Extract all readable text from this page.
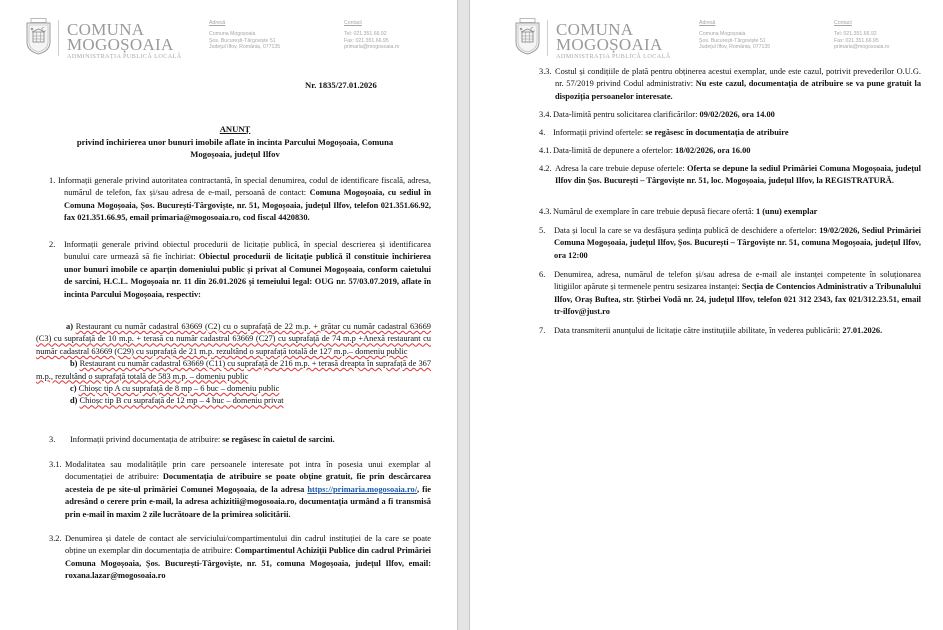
COMUNA
MOGOȘOAIA
ADMINISTRAȚIA PUBLICĂ LOCALĂ
Adresă
Comuna Mogoșoaia
Șos. București-Târgoviște 51
Județul Ilfov, România, 077135
Contact
Tel: 021.351.66.92
Fax: 021.351.66.95
primaria@mogosoaia.ro
Nr. 1835/27.01.2026
ANUNȚ
privind închirierea unor bunuri imobile aflate în incinta Parcului Mogoșoaia, Comuna
Mogoșoaia, județul Ilfov
1. Informații generale privind autoritatea contractantă, în special denumirea, codul de identificare fiscală, adresa, numărul de telefon, fax și/sau adresa de e-mail, persoană de contact: Comuna Mogoșoaia, cu sediul în Comuna Mogoșoaia, Șos. București-Târgoviște, nr. 51, Mogoșoaia, județul Ilfov, telefon 021.351.66.92, fax 021.351.66.95, email primaria@mogosoaia.ro, cod fiscal 4420830.
2.	Informații generale privind obiectul procedurii de licitație publică, în special descrierea și identificarea bunului care urmează să fie închiriat: Obiectul procedurii de licitație publică îl constituie închirierea unor bunuri imobile ce aparțin domeniului public și privat al Comunei Mogoșoaia, conform caietului de sarcini, H.C.L. Mogoșoaia nr. 11 din 26.01.2026 și temeiului legal: OUG nr. 57/03.07.2019, aflate în incinta Parcului Mogoșoaia, respectiv:
a) Restaurant cu număr cadastral 63669 (C2) cu o suprafață de 22 m.p. + grătar cu număr cadastral 63669 (C3) cu suprafață de 10 m.p. + terasă cu număr cadastral 63669 (C27) cu suprafață de 74 m.p +Anexă restaurant cu număr cadastral 63669 (C29) cu suprafață de 21 m.p. rezultând o suprafață totală de 127 m.p.– domeniu public
b) Restaurant cu număr cadastral 63669 (C11) cu suprafață de 216 m.p. + terasă dreapta în suprafață de 367 m.p., rezultând o suprafață totală de 583 m.p. – domeniu public
c) Chioșc tip A cu suprafață de 8 mp – 6 buc – domeniu public
d) Chioșc tip B cu suprafață de 12 mp – 4 buc – domeniu privat
3.	Informații privind documentația de atribuire: se regăsesc în caietul de sarcini.
3.1. Modalitatea sau modalitățile prin care persoanele interesate pot intra în posesia unui exemplar al documentației de atribuire: Documentația de atribuire se poate obține gratuit, fie prin descărcarea acesteia de pe site-ul primăriei Comunei Mogoșoaia, de la adresa https://primaria.mogosoaia.ro/, fie adresând o cerere prin e-mail, la adresa achizitii@mogosoaia.ro, documentația urmând a fi transmisă prin e-mail în maxim 2 zile lucrătoare de la primirea solicitării.
3.2. Denumirea și datele de contact ale serviciului/compartimentului din cadrul instituției de la care se poate obține un exemplar din documentația de atribuire: Compartimentul Achiziții Publice din cadrul Primăriei Comuna Mogoșoaia, Șos. București-Târgoviște, nr. 51, comuna Mogoșoaia, județul Ilfov, email: roxana.lazar@mogosoaia.ro
COMUNA
MOGOȘOAIA
ADMINISTRAȚIA PUBLICĂ LOCALĂ
Adresă
Comuna Mogoșoaia
Șos. București-Târgoviște 51
Județul Ilfov, România, 077135
Contact
Tel: 021.351.66.92
Fax: 021.351.66.95
primaria@mogosoaia.ro
3.3. Costul și condițiile de plată pentru obținerea acestui exemplar, unde este cazul, potrivit prevederilor O.U.G. nr. 57/2019 privind Codul administrativ: Nu este cazul, documentația de atribuire se va pune gratuit la dispoziția persoanelor interesate.
3.4. Data-limită pentru solicitarea clarificărilor: 09/02/2026, ora 14.00
4. Informații privind ofertele: se regăsesc în documentația de atribuire
4.1. Data-limită de depunere a ofertelor: 18/02/2026, ora 16.00
4.2. Adresa la care trebuie depuse ofertele: Oferta se depune la sediul Primăriei Comuna Mogoșoaia, județul Ilfov din Șos. București – Târgoviște nr. 51, loc. Mogoșoaia, județul Ilfov, la REGISTRATURĂ.
4.3. Numărul de exemplare în care trebuie depusă fiecare ofertă: 1 (unu) exemplar
5.	Data și locul la care se va desfășura ședința publică de deschidere a ofertelor: 19/02/2026, Sediul Primăriei Comuna Mogoșoaia, județul Ilfov, Șos. București – Târgoviște nr. 51, comuna Mogoșoaia, județul Ilfov, ora 12:00
6.	Denumirea, adresa, numărul de telefon și/sau adresa de e-mail ale instanței competente în soluționarea litigiilor apărute și termenele pentru sesizarea instanței: Secția de Contencios Administrativ a Tribunalului Ilfov, Oraș Buftea, str. Știrbei Vodă nr. 24, județul Ilfov, telefon 021 312 2343, fax 021/312.23.51, email tr-ilfov@just.ro
7.	Data transmiterii anunțului de licitație către instituțiile abilitate, în vederea publicării: 27.01.2026.
